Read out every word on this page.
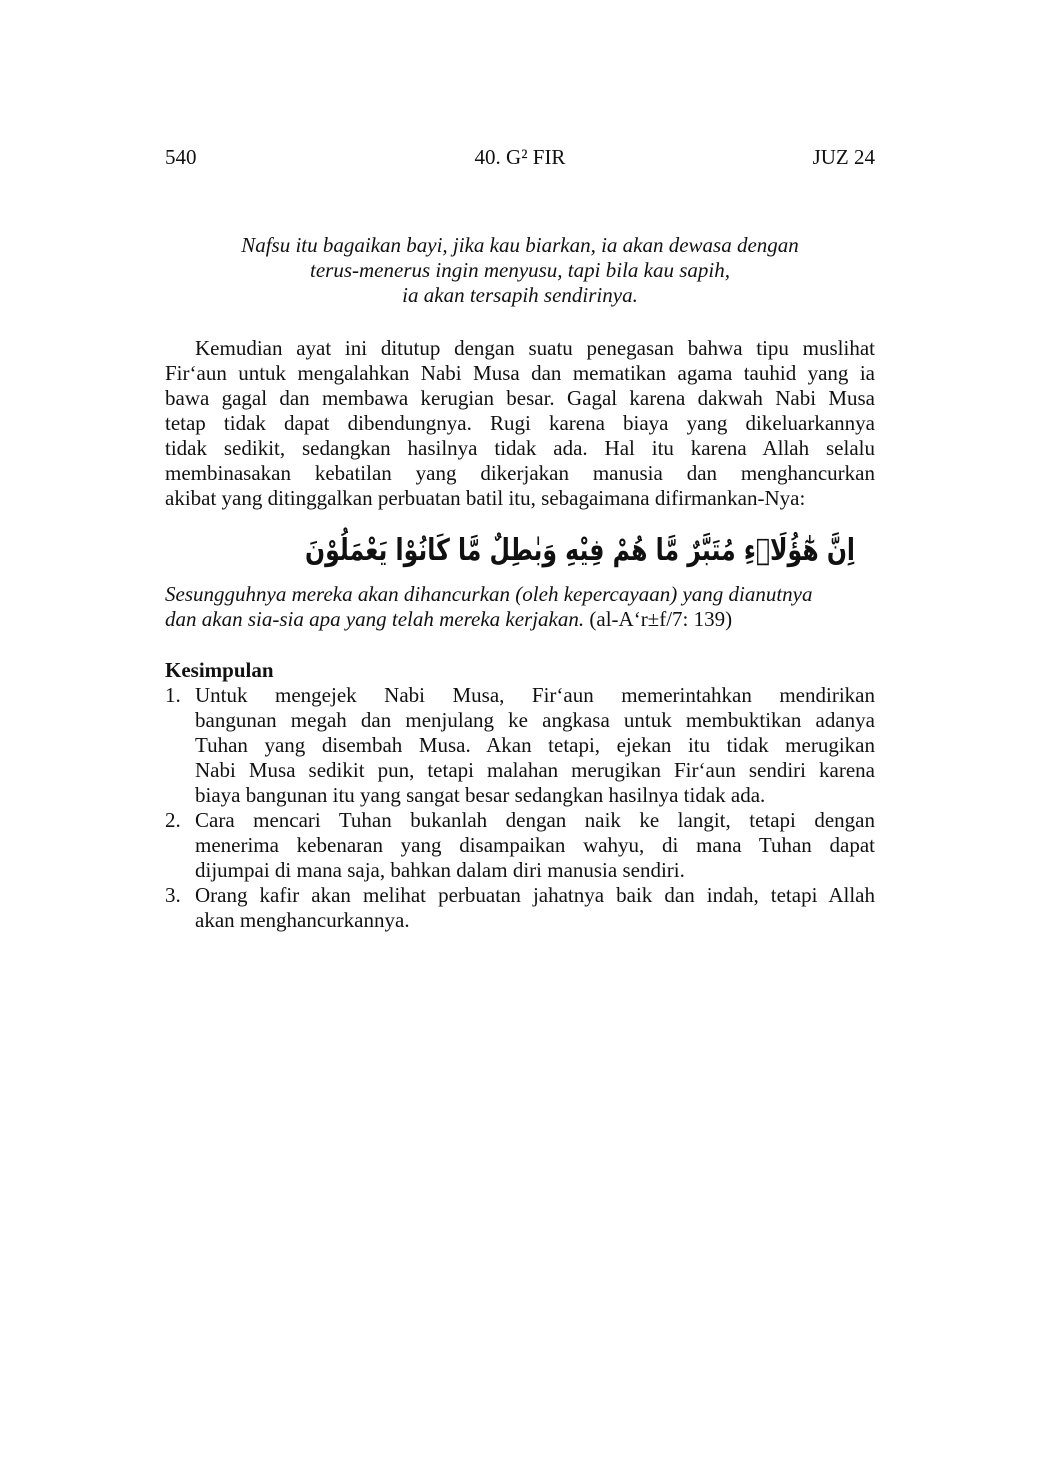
540	40. G² FIR	JUZ 24
Nafsu itu bagaikan bayi, jika kau biarkan, ia akan dewasa dengan
terus-menerus ingin menyusu, tapi bila kau sapih,
ia akan tersapih sendirinya.
Kemudian ayat ini ditutup dengan suatu penegasan bahwa tipu muslihat
Fir‘aun untuk mengalahkan Nabi Musa dan mematikan agama tauhid yang ia
bawa gagal dan membawa kerugian besar. Gagal karena dakwah Nabi Musa
tetap tidak dapat dibendungnya. Rugi karena biaya yang dikeluarkannya
tidak sedikit, sedangkan hasilnya tidak ada. Hal itu karena Allah selalu
membinasakan kebatilan yang dikerjakan manusia dan menghancurkan
akibat yang ditinggalkan perbuatan batil itu, sebagaimana difirmankan-Nya:
اِنَّ هٰٓؤُلَاۤءِ مُتَبَّرٌ مَّا هُمْ فِيْهِ وَبٰطِلٌ مَّا كَانُوْا يَعْمَلُوْنَ
Sesungguhnya mereka akan dihancurkan (oleh kepercayaan) yang dianutnya
dan akan sia-sia apa yang telah mereka kerjakan. (al-A‘r±f/7: 139)
Kesimpulan
1. Untuk mengejek Nabi Musa, Fir‘aun memerintahkan mendirikan
bangunan megah dan menjulang ke angkasa untuk membuktikan adanya
Tuhan yang disembah Musa. Akan tetapi, ejekan itu tidak merugikan
Nabi Musa sedikit pun, tetapi malahan merugikan Fir‘aun sendiri karena
biaya bangunan itu yang sangat besar sedangkan hasilnya tidak ada.
2. Cara mencari Tuhan bukanlah dengan naik ke langit, tetapi dengan
menerima kebenaran yang disampaikan wahyu, di mana Tuhan dapat
dijumpai di mana saja, bahkan dalam diri manusia sendiri.
3. Orang kafir akan melihat perbuatan jahatnya baik dan indah, tetapi Allah
akan menghancurkannya.
